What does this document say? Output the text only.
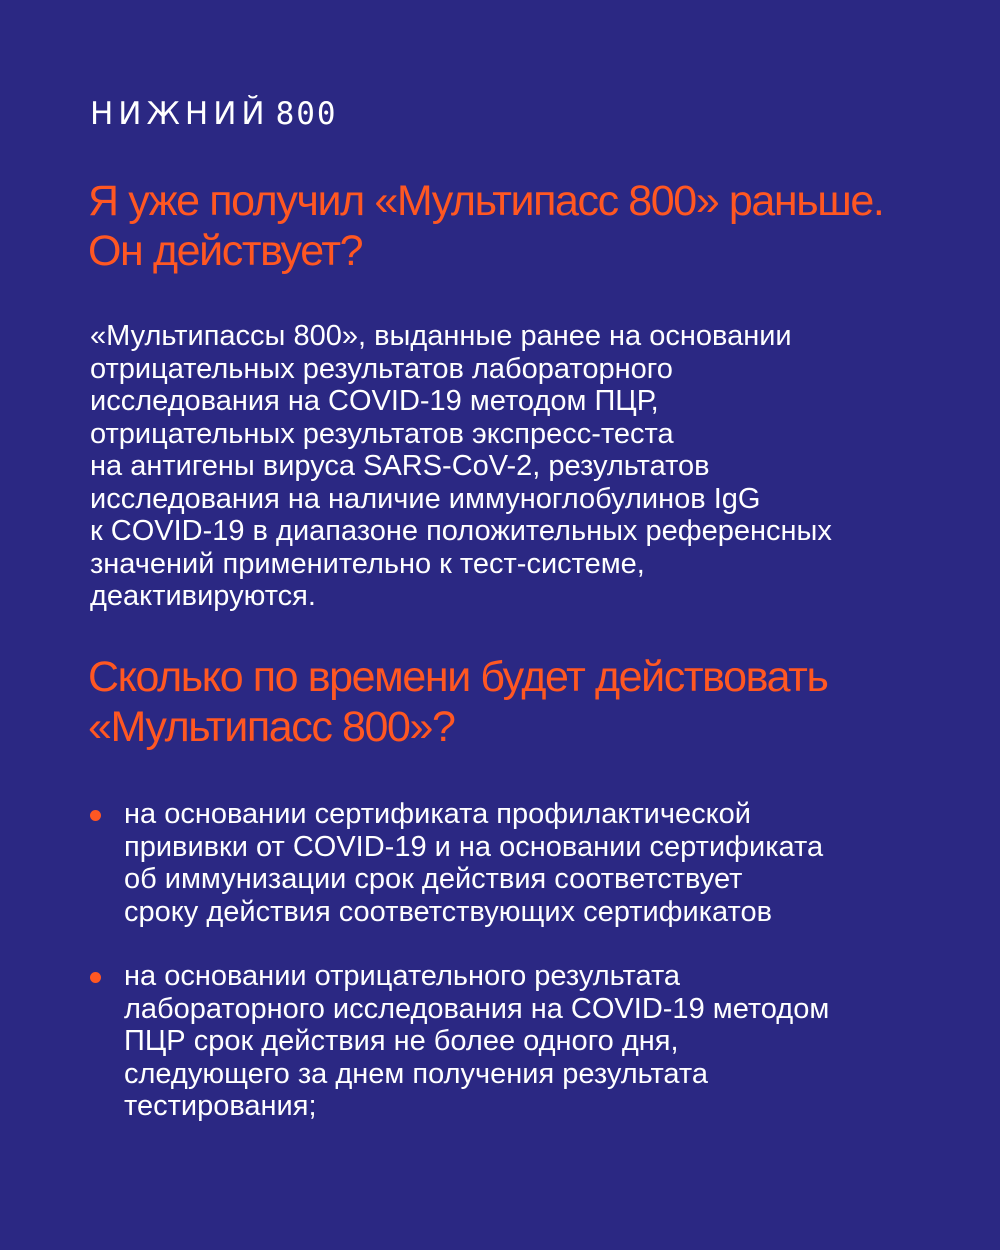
НИЖНИЙ 800
Я уже получил «Мультипасс 800» раньше.
Он действует?

«Мультипассы 800», выданные ранее на основании
отрицательных результатов лабораторного
исследования на COVID-19 методом ПЦР,
отрицательных результатов экспресс-теста
на антигены вируса SARS-CoV-2, результатов
исследования на наличие иммуноглобулинов IgG
к COVID-19 в диапазоне положительных референсных
значений применительно к тест-системе,
деактивируются.

Сколько по времени будет действовать
«Мультипасс 800»?
на основании сертификата профилактической
прививки от COVID-19 и на основании сертификата
об иммунизации срок действия соответствует
сроку действия соответствующих сертификатов
на основании отрицательного результата
лабораторного исследования на COVID-19 методом
ПЦР срок действия не более одного дня,
следующего за днем получения результата
тестирования;
